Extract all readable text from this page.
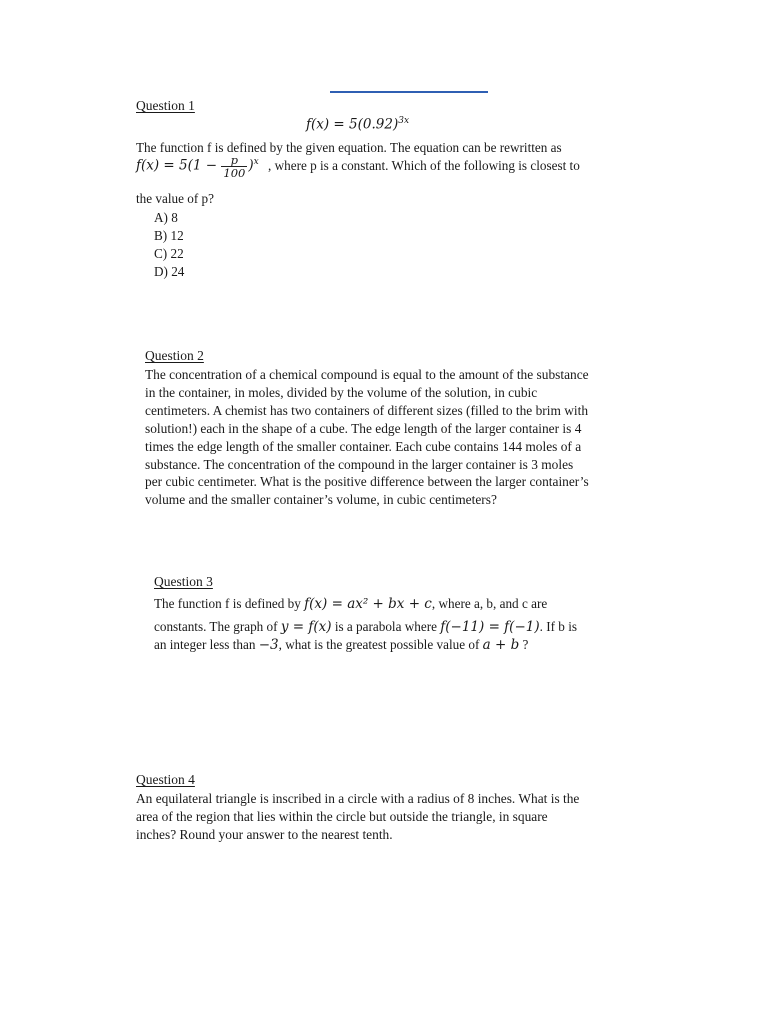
Question 1
$f(x) = 5(0.92)^{3x}$
The function f is defined by the given equation. The equation can be rewritten as
$f(x) = 5(1 - \frac{p}{100} )^x$ , where p is a constant. Which of the following is closest to
the value of p?
A) 8
B) 12
C) 22
D) 24
Question 2
The concentration of a chemical compound is equal to the amount of the substance
in the container, in moles, divided by the volume of the solution, in cubic
centimeters. A chemist has two containers of different sizes (filled to the brim with
solution!) each in the shape of a cube. The edge length of the larger container is 4
times the edge length of the smaller container. Each cube contains 144 moles of a
substance. The concentration of the compound in the larger container is 3 moles
per cubic centimeter. What is the positive difference between the larger container’s
volume and the smaller container’s volume, in cubic centimeters?
Question 3
The function f is defined by f(x) = ax² + bx + c, where a, b, and c are
constants. The graph of y = f(x) is a parabola where f(−11) = f(−1). If b is
an integer less than −3, what is the greatest possible value of a + b ?
Question 4
An equilateral triangle is inscribed in a circle with a radius of 8 inches. What is the
area of the region that lies within the circle but outside the triangle, in square
inches? Round your answer to the nearest tenth.
